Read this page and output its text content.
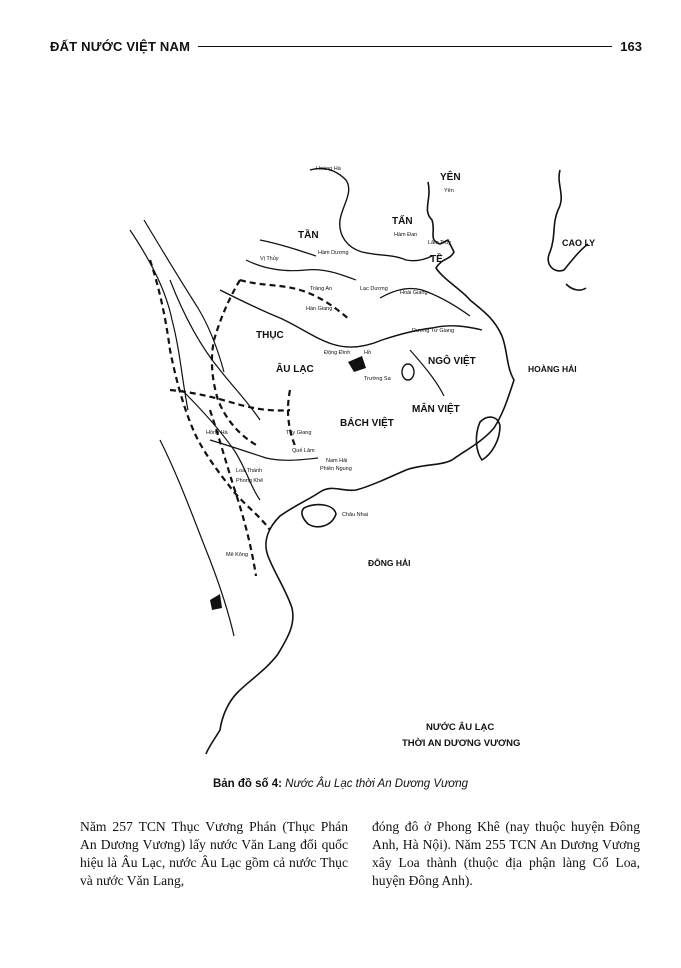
ĐẤT NƯỚC VIỆT NAM	163
YÊN
TẤN
TẦN
TỀ
THỤC
ÂU LẠC
NGÔ VIỆT
MÂN VIỆT
BÁCH VIỆT
HOÀNG HẢI
ĐÔNG HẢI
CAO LY
Hoàng Hà
Hàm Dương
Vị Thủy
Yên
Hàm Đan
Lâm Truy
Tràng An	Lạc Dương
Hoài Giang
Hán Giang
Dương Tử Giang
Động Đình Hồ
Trường Sa
Tây Giang
Quế Lâm
Nam Hải
Phiên Ngung
Hồng Hà
Loa Thành
Phong Khê
Châu Nhai
Mê Kông
NƯỚC ÂU LẠC
THỜI AN DƯƠNG VƯƠNG
Bản đồ số 4: Nước Âu Lạc thời An Dương Vương
Năm 257 TCN Thục Vương Phán (Thục Phán An Dương Vương) lấy nước Văn Lang đổi quốc hiệu là Âu Lạc, nước Âu Lạc gồm cả nước Thục và nước Văn Lang,
đóng đô ở Phong Khê (nay thuộc huyện Đông Anh, Hà Nội). Năm 255 TCN An Dương Vương xây Loa thành (thuộc địa phận làng Cổ Loa, huyện Đông Anh).
